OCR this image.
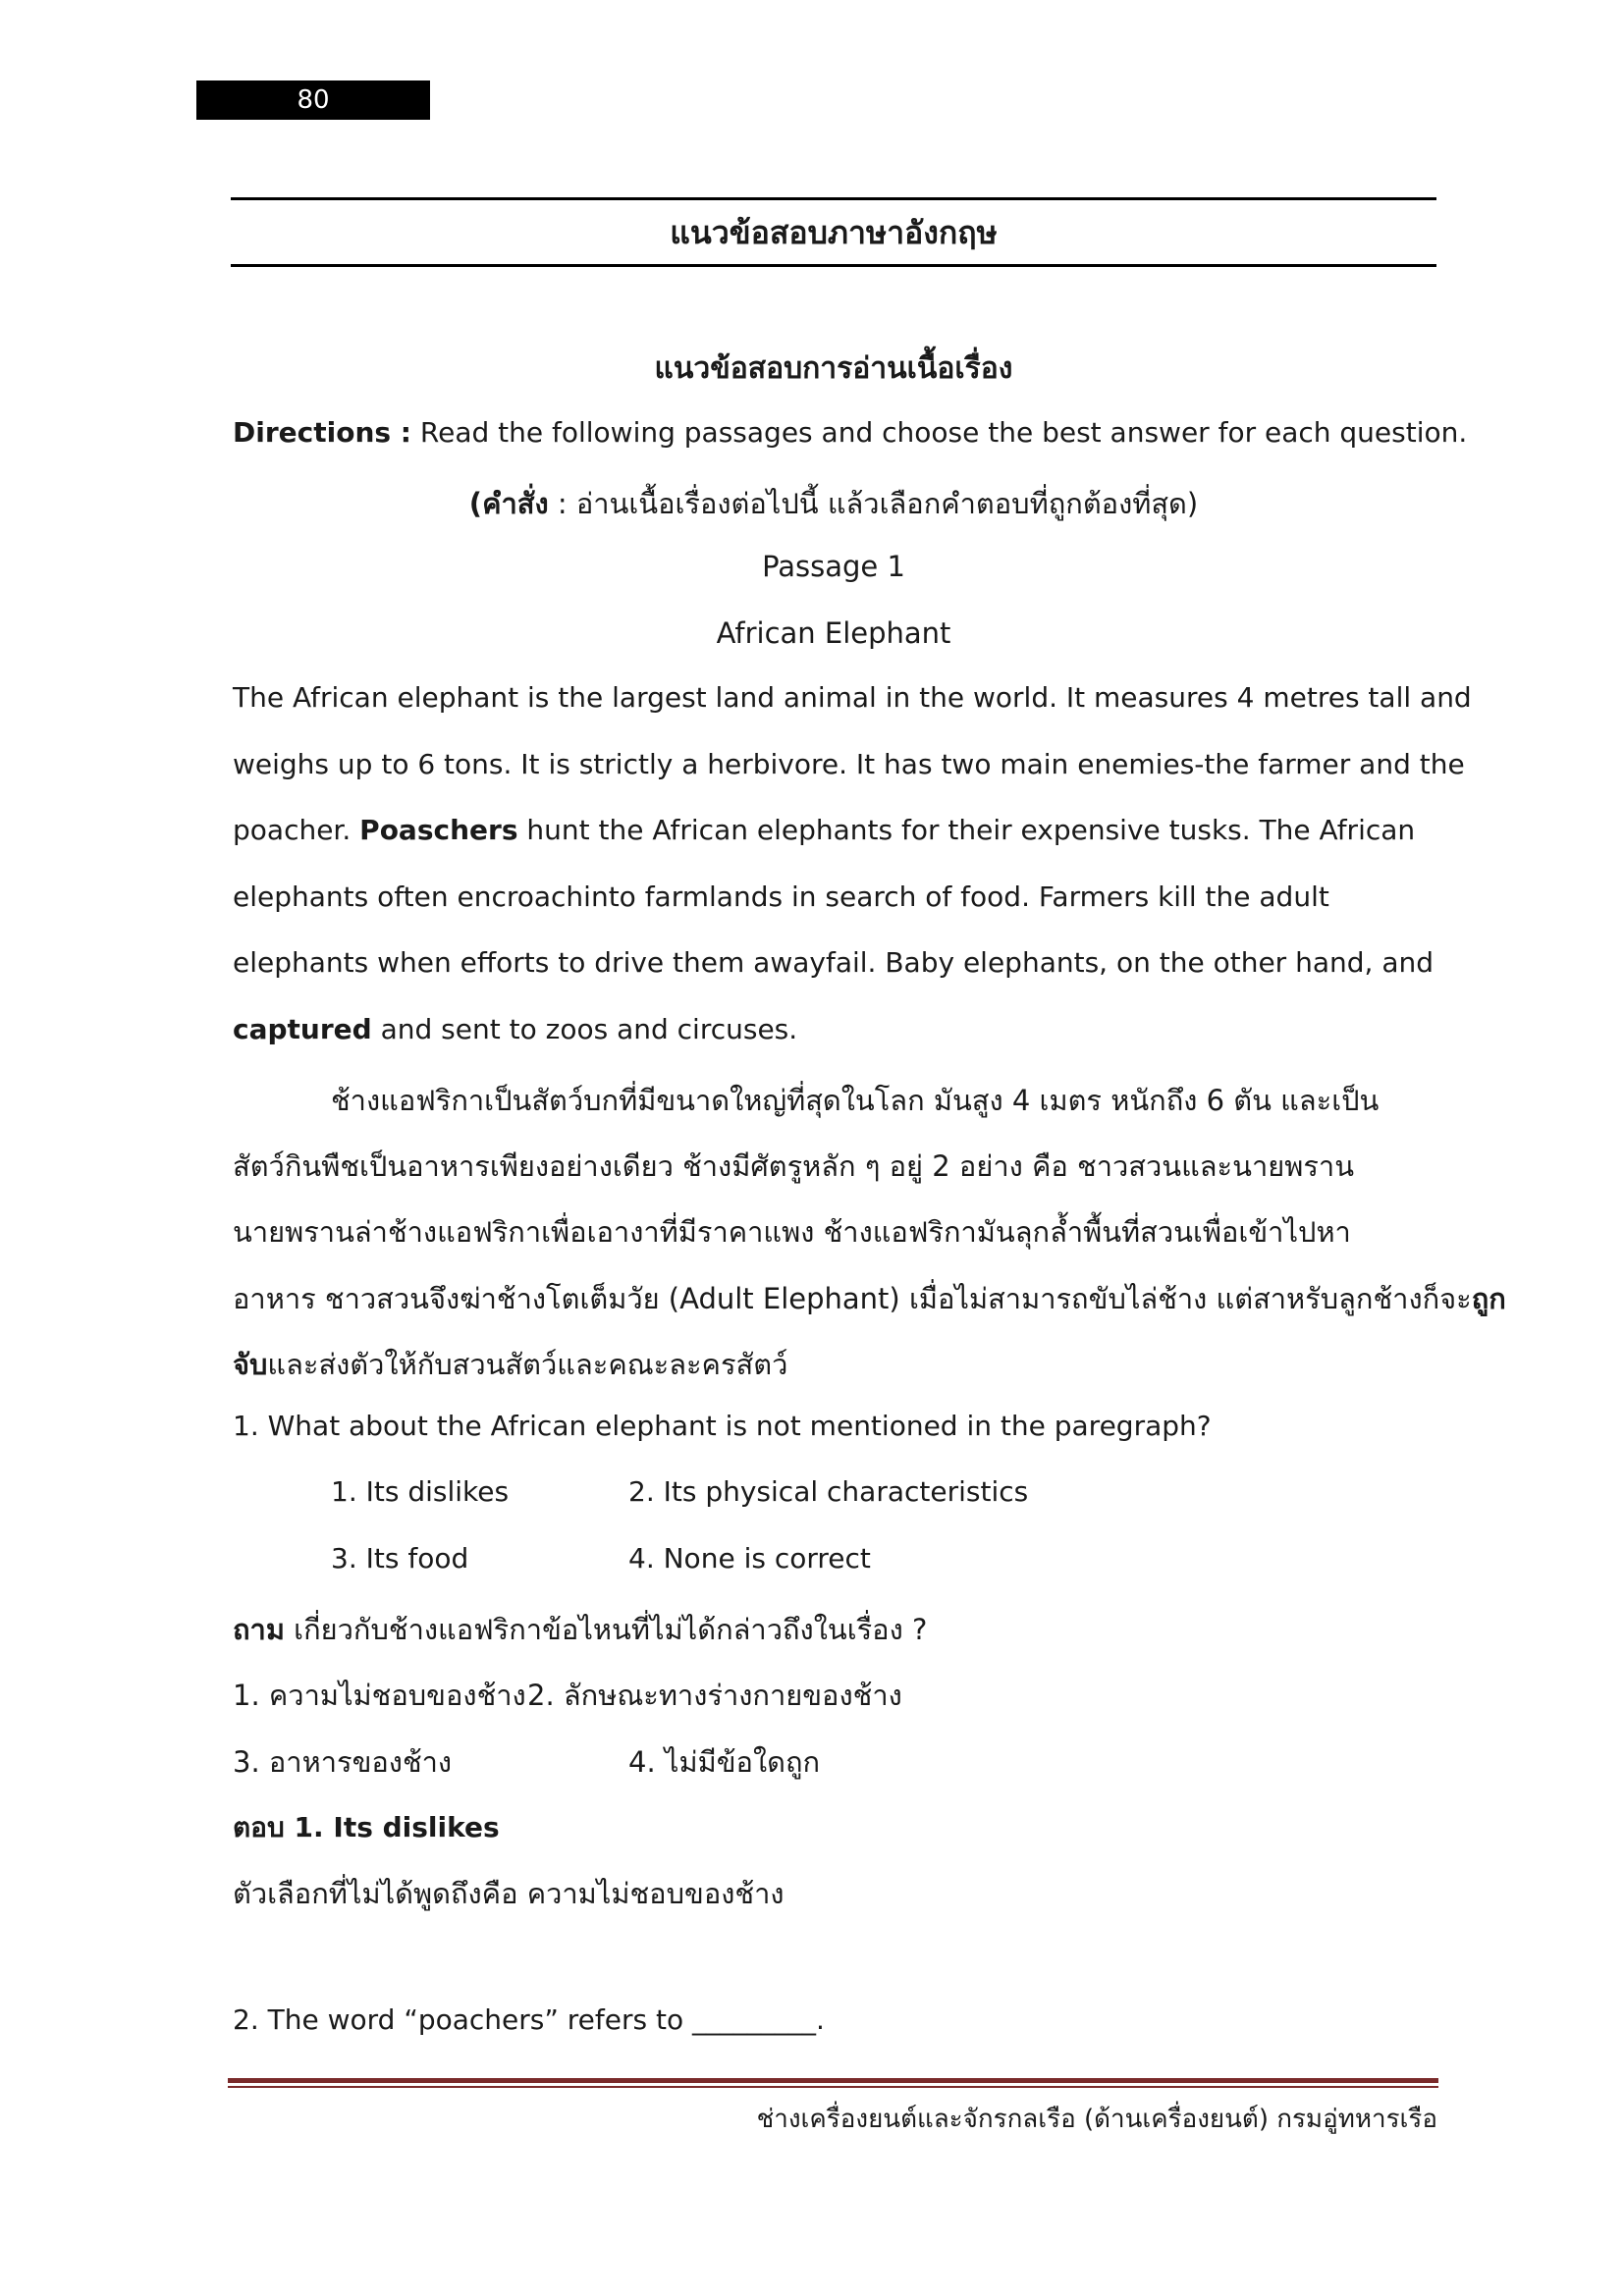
80
แนวข้อสอบภาษาอังกฤษ
แนวข้อสอบการอ่านเนื้อเรื่อง
Directions : Read the following passages and choose the best answer for each question.
(คำสั่ง : อ่านเนื้อเรื่องต่อไปนี้ แล้วเลือกคำตอบที่ถูกต้องที่สุด)
Passage 1
African Elephant
The African elephant is the largest land animal in the world. It measures 4 metres tall and
weighs up to 6 tons. It is strictly a herbivore. It has two main enemies-the farmer and the
poacher. Poaschers hunt the African elephants for their expensive tusks. The African
elephants often encroachinto farmlands in search of food. Farmers kill the adult
elephants when efforts to drive them awayfail. Baby elephants, on the other hand, and
captured and sent to zoos and circuses.
ช้างแอฟริกาเป็นสัตว์บกที่มีขนาดใหญ่ที่สุดในโลก มันสูง 4 เมตร หนักถึง 6 ตัน และเป็น
สัตว์กินพืชเป็นอาหารเพียงอย่างเดียว ช้างมีศัตรูหลัก ๆ อยู่ 2 อย่าง คือ ชาวสวนและนายพราน
นายพรานล่าช้างแอฟริกาเพื่อเอางาที่มีราคาแพง ช้างแอฟริกามันลุกล้ำพื้นที่สวนเพื่อเข้าไปหา
อาหาร ชาวสวนจึงฆ่าช้างโตเต็มวัย (Adult Elephant) เมื่อไม่สามารถขับไล่ช้าง แต่สาหรับลูกช้างก็จะถูก
จับและส่งตัวให้กับสวนสัตว์และคณะละครสัตว์
1. What about the African elephant is not mentioned in the paregraph?
1. Its dislikes	2. Its physical characteristics
3. Its food	4. None is correct
ถาม เกี่ยวกับช้างแอฟริกาข้อไหนที่ไม่ได้กล่าวถึงในเรื่อง ?
1. ความไม่ชอบของช้าง 2. ลักษณะทางร่างกายของช้าง
3. อาหารของช้าง	4. ไม่มีข้อใดถูก
ตอบ 1. Its dislikes
ตัวเลือกที่ไม่ได้พูดถึงคือ ความไม่ชอบของช้าง
2. The word “poachers” refers to _________.
ช่างเครื่องยนต์และจักรกลเรือ (ด้านเครื่องยนต์) กรมอู่ทหารเรือ
